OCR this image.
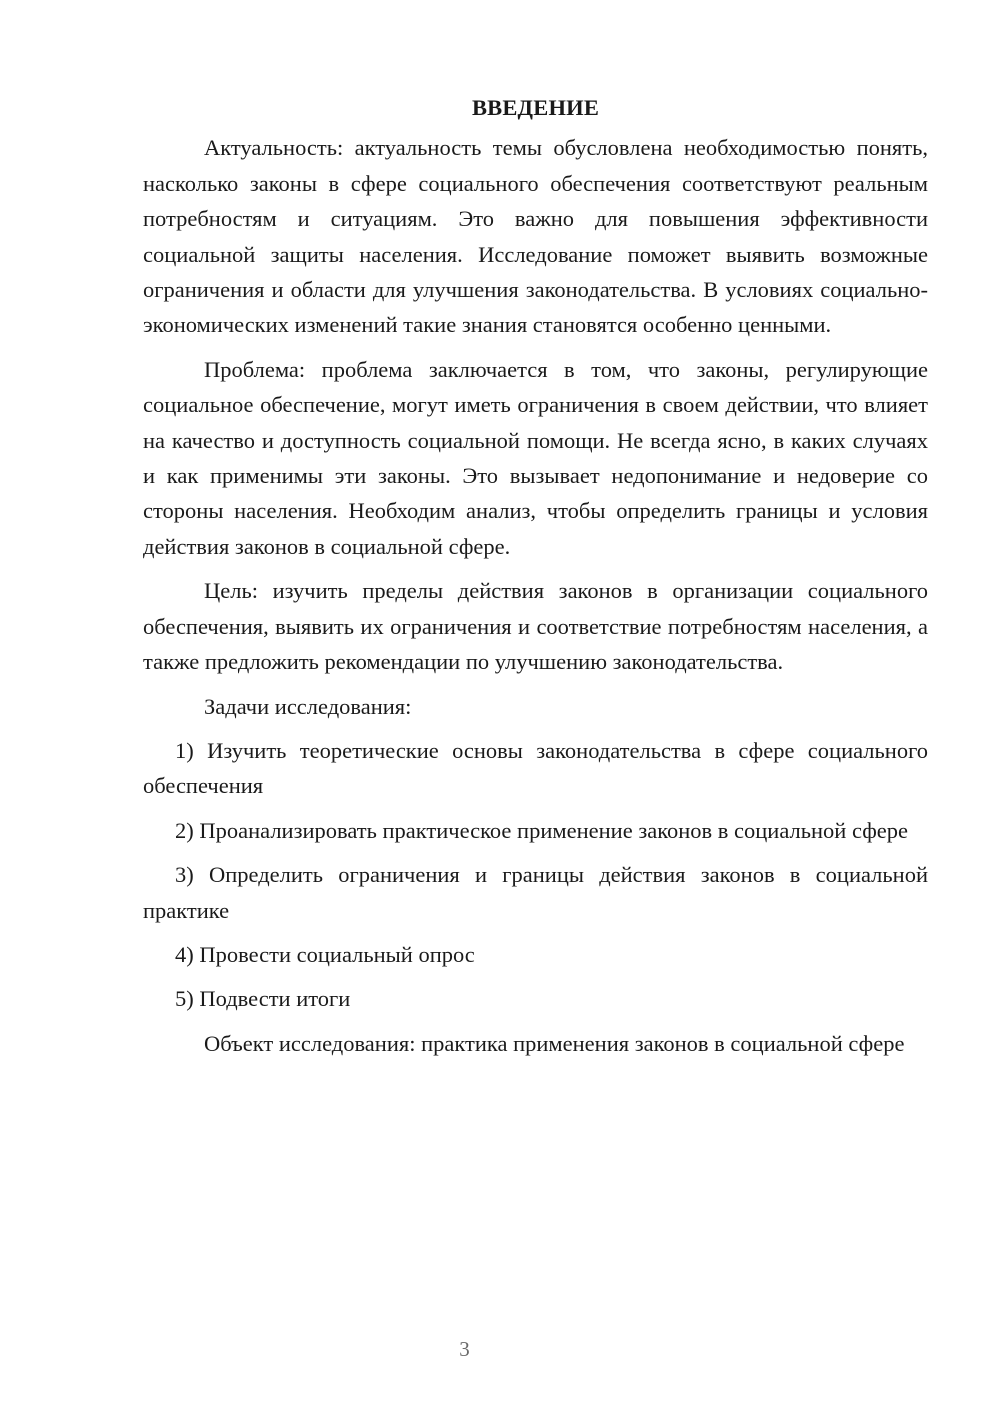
ВВЕДЕНИЕ

Актуальность: актуальность темы обусловлена необходимостью понять, насколько законы в сфере социального обеспечения соответствуют реальным потребностям и ситуациям. Это важно для повышения эффективности социальной защиты населения. Исследование поможет выявить возможные ограничения и области для улучшения законодательства. В условиях социально-экономических изменений такие знания становятся особенно ценными.

Проблема: проблема заключается в том, что законы, регулирующие социальное обеспечение, могут иметь ограничения в своем действии, что влияет на качество и доступность социальной помощи. Не всегда ясно, в каких случаях и как применимы эти законы. Это вызывает недопонимание и недоверие со стороны населения. Необходим анализ, чтобы определить границы и условия действия законов в социальной сфере.

Цель: изучить пределы действия законов в организации социального обеспечения, выявить их ограничения и соответствие потребностям населения, а также предложить рекомендации по улучшению законодательства.

Задачи исследования:

1) Изучить теоретические основы законодательства в сфере социального обеспечения

2) Проанализировать практическое применение законов в социальной сфере

3) Определить ограничения и границы действия законов в социальной практике

4) Провести социальный опрос

5) Подвести итоги

Объект исследования: практика применения законов в социальной сфере

3
